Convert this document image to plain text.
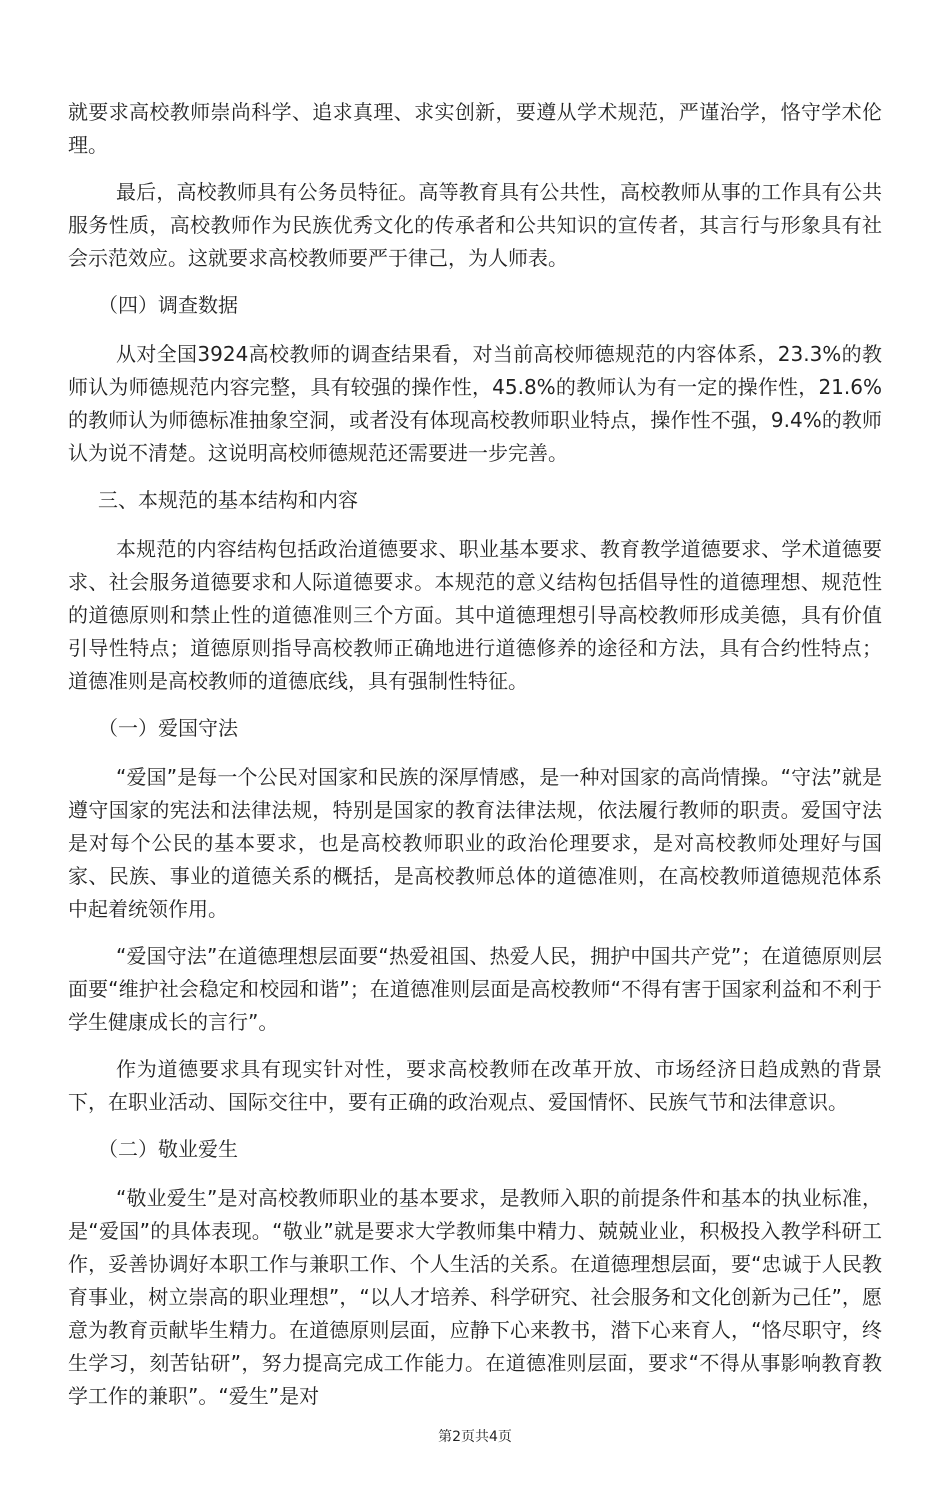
就要求高校教师崇尚科学、追求真理、求实创新，要遵从学术规范，严谨治学，恪守学术伦理。

最后，高校教师具有公务员特征。高等教育具有公共性，高校教师从事的工作具有公共服务性质，高校教师作为民族优秀文化的传承者和公共知识的宣传者，其言行与形象具有社会示范效应。这就要求高校教师要严于律己，为人师表。

（四）调查数据

从对全国3924高校教师的调查结果看，对当前高校师德规范的内容体系，23.3%的教师认为师德规范内容完整，具有较强的操作性，45.8%的教师认为有一定的操作性，21.6%的教师认为师德标准抽象空洞，或者没有体现高校教师职业特点，操作性不强，9.4%的教师认为说不清楚。这说明高校师德规范还需要进一步完善。

三、本规范的基本结构和内容

本规范的内容结构包括政治道德要求、职业基本要求、教育教学道德要求、学术道德要求、社会服务道德要求和人际道德要求。本规范的意义结构包括倡导性的道德理想、规范性的道德原则和禁止性的道德准则三个方面。其中道德理想引导高校教师形成美德，具有价值引导性特点；道德原则指导高校教师正确地进行道德修养的途径和方法，具有合约性特点；道德准则是高校教师的道德底线，具有强制性特征。

（一）爱国守法

“爱国”是每一个公民对国家和民族的深厚情感，是一种对国家的高尚情操。“守法”就是遵守国家的宪法和法律法规，特别是国家的教育法律法规，依法履行教师的职责。爱国守法是对每个公民的基本要求，也是高校教师职业的政治伦理要求，是对高校教师处理好与国家、民族、事业的道德关系的概括，是高校教师总体的道德准则，在高校教师道德规范体系中起着统领作用。

“爱国守法”在道德理想层面要“热爱祖国、热爱人民，拥护中国共产党”；在道德原则层面要“维护社会稳定和校园和谐”；在道德准则层面是高校教师“不得有害于国家利益和不利于学生健康成长的言行”。

作为道德要求具有现实针对性，要求高校教师在改革开放、市场经济日趋成熟的背景下，在职业活动、国际交往中，要有正确的政治观点、爱国情怀、民族气节和法律意识。

（二）敬业爱生

“敬业爱生”是对高校教师职业的基本要求，是教师入职的前提条件和基本的执业标准，是“爱国”的具体表现。“敬业”就是要求大学教师集中精力、兢兢业业，积极投入教学科研工作，妥善协调好本职工作与兼职工作、个人生活的关系。在道德理想层面，要“忠诚于人民教育事业，树立崇高的职业理想”，“以人才培养、科学研究、社会服务和文化创新为己任”，愿意为教育贡献毕生精力。在道德原则层面，应静下心来教书，潜下心来育人，“恪尽职守，终生学习，刻苦钻研”，努力提高完成工作能力。在道德准则层面，要求“不得从事影响教育教学工作的兼职”。“爱生”是对

第2页共4页
